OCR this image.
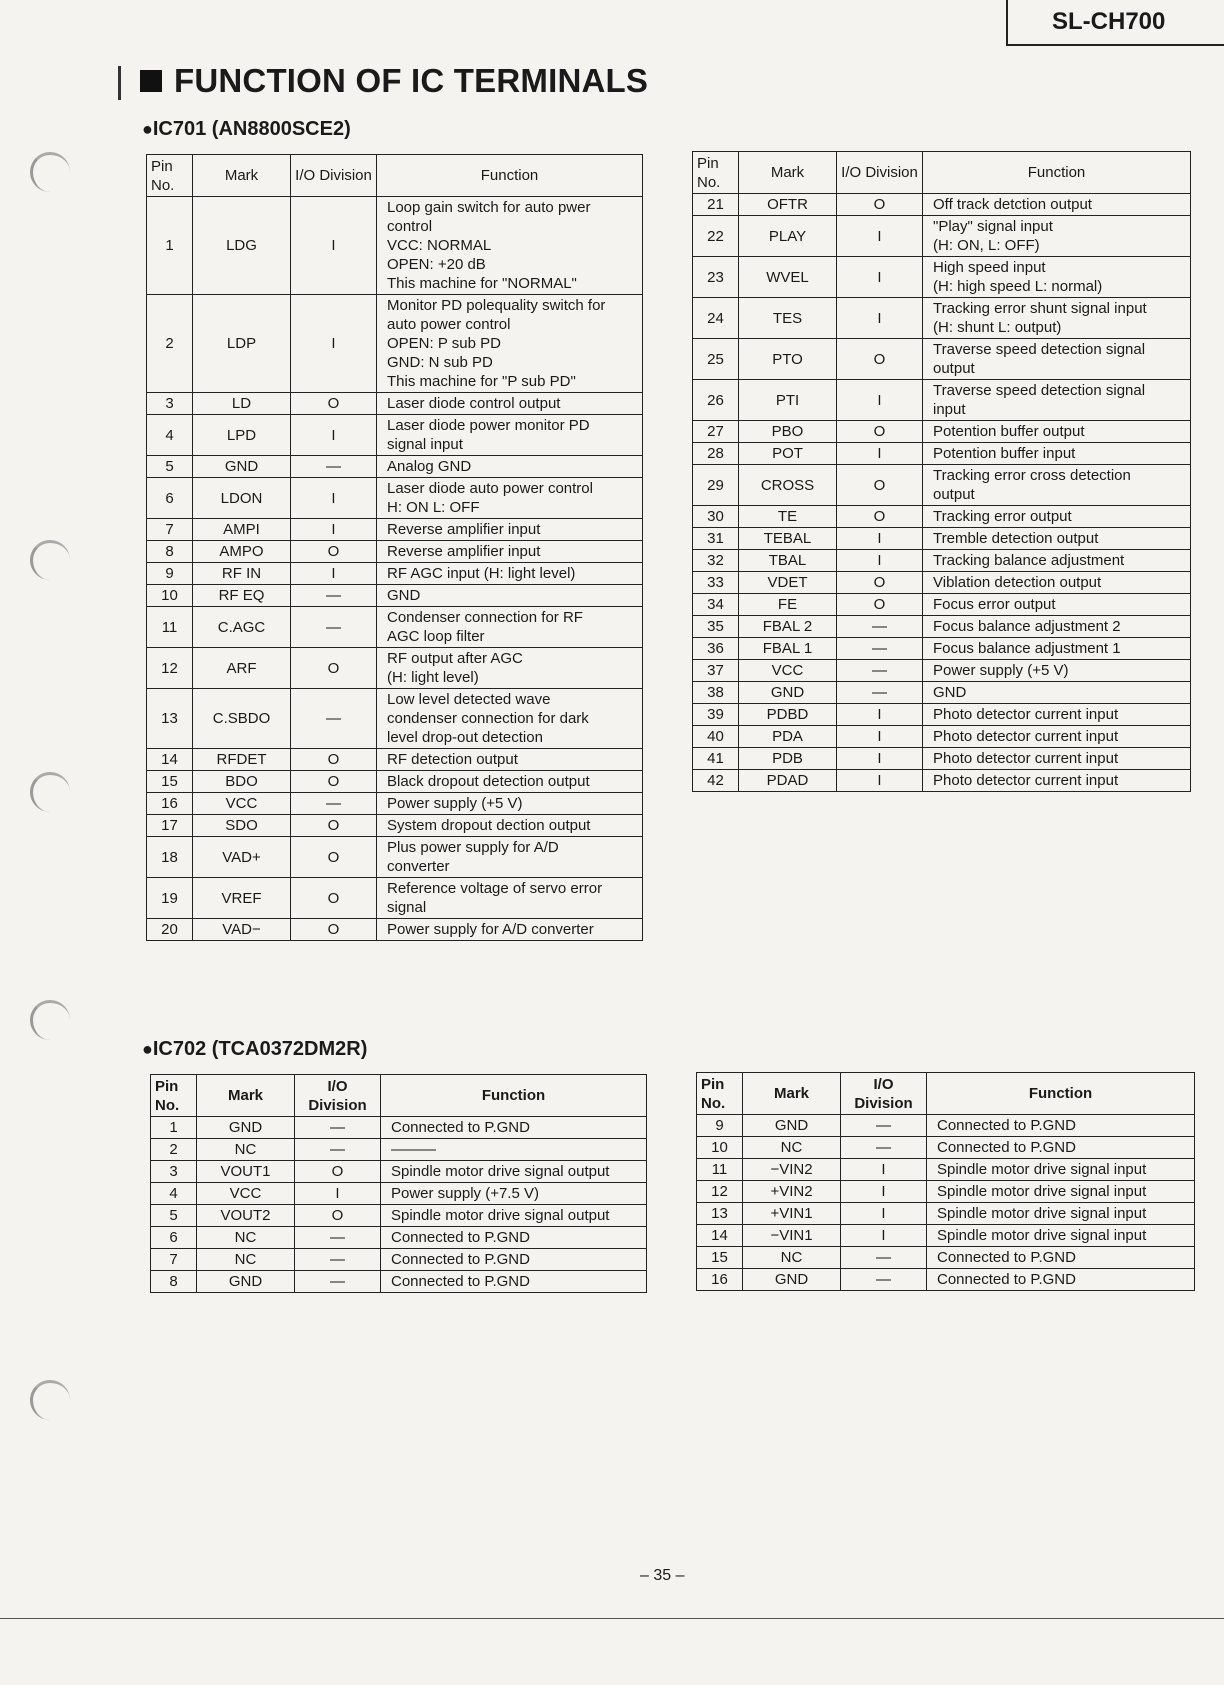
SL-CH700
FUNCTION OF IC TERMINALS
●IC701 (AN8800SCE2)
Pin No.	Mark	I/O Division	Function
1	LDG	I	Loop gain switch for auto pwer
control
VCC: NORMAL
OPEN: +20 dB
This machine for "NORMAL"

2	LDP	I	Monitor PD polequality switch for
auto power control
OPEN: P sub PD
GND: N sub PD
This machine for "P sub PD"

3	LD	O	Laser diode control output

4	LPD	I	Laser diode power monitor PD
signal input

5	GND	—	Analog GND

6	LDON	I	Laser diode auto power control
H: ON L: OFF

7	AMPI	I	Reverse amplifier input

8	AMPO	O	Reverse amplifier input

9	RF IN	I	RF AGC input (H: light level)

10	RF EQ	—	GND

11	C.AGC	—	Condenser connection for RF
AGC loop filter

12	ARF	O	RF output after AGC
(H: light level)

13	C.SBDO	—	Low level detected wave
condenser connection for dark
level drop-out detection

14	RFDET	O	RF detection output

15	BDO	O	Black dropout detection output

16	VCC	—	Power supply (+5 V)

17	SDO	O	System dropout dection output

18	VAD+	O	Plus power supply for A/D
converter

19	VREF	O	Reference voltage of servo error
signal

20	VAD−	O	Power supply for A/D converter
Pin No.	Mark	I/O Division	Function
21	OFTR	O	Off track detction output

22	PLAY	I	"Play" signal input
(H: ON, L: OFF)

23	WVEL	I	High speed input
(H: high speed L: normal)

24	TES	I	Tracking error shunt signal input
(H: shunt L: output)

25	PTO	O	Traverse speed detection signal
output

26	PTI	I	Traverse speed detection signal
input

27	PBO	O	Potention buffer output

28	POT	I	Potention buffer input

29	CROSS	O	Tracking error cross detection
output

30	TE	O	Tracking error output

31	TEBAL	I	Tremble detection output

32	TBAL	I	Tracking balance adjustment

33	VDET	O	Viblation detection output

34	FE	O	Focus error output

35	FBAL 2	—	Focus balance adjustment 2

36	FBAL 1	—	Focus balance adjustment 1

37	VCC	—	Power supply (+5 V)

38	GND	—	GND

39	PDBD	I	Photo detector current input

40	PDA	I	Photo detector current input

41	PDB	I	Photo detector current input

42	PDAD	I	Photo detector current input
●IC702 (TCA0372DM2R)
Pin No.	Mark	I/O Division	Function
1	GND	—	Connected to P.GND

2	NC	—	———

3	VOUT1	O	Spindle motor drive signal output

4	VCC	I	Power supply (+7.5 V)

5	VOUT2	O	Spindle motor drive signal output

6	NC	—	Connected to P.GND

7	NC	—	Connected to P.GND

8	GND	—	Connected to P.GND
Pin No.	Mark	I/O Division	Function
9	GND	—	Connected to P.GND

10	NC	—	Connected to P.GND

11	−VIN2	I	Spindle motor drive signal input

12	+VIN2	I	Spindle motor drive signal input

13	+VIN1	I	Spindle motor drive signal input

14	−VIN1	I	Spindle motor drive signal input

15	NC	—	Connected to P.GND

16	GND	—	Connected to P.GND
– 35 –
